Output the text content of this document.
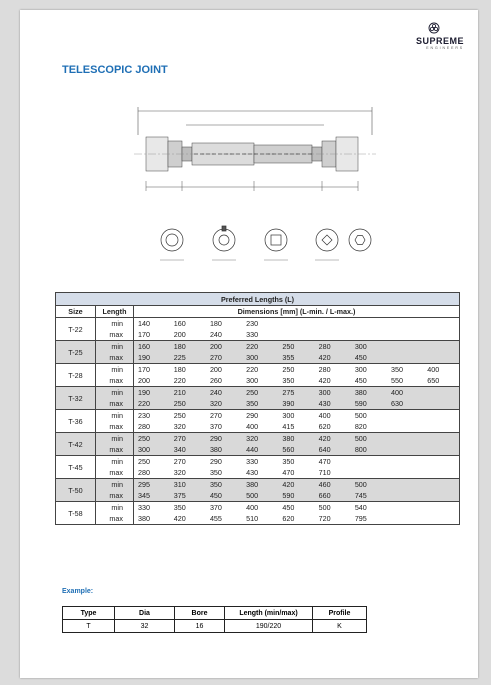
SUPREME
ENGINEERS
TELESCOPIC JOINT
Preferred Lengths (L)										
Size	Length	Dimensions [mm] (L-min. / L-max.)								
T-22	min	140	160	180	230					
	max	170	200	240	330					
T-25	min	160	180	200	220	250	280	300		
	max	190	225	270	300	355	420	450		
T-28	min	170	180	200	220	250	280	300	350	400
	max	200	220	260	300	350	420	450	550	650
T-32	min	190	210	240	250	275	300	380	400	
	max	220	250	320	350	390	430	590	630	
T-36	min	230	250	270	290	300	400	500		
	max	280	320	370	400	415	620	820		
T-42	min	250	270	290	320	380	420	500		
	max	300	340	380	440	560	640	800		
T-45	min	250	270	290	330	350	470			
	max	280	320	350	430	470	710			
T-50	min	295	310	350	380	420	460	500		
	max	345	375	450	500	590	660	745		
T-58	min	330	350	370	400	450	500	540		
	max	380	420	455	510	620	720	795		
Example:
Type	Dia	Bore	Length (min/max)	Profile
T	32	16	190/220	K
